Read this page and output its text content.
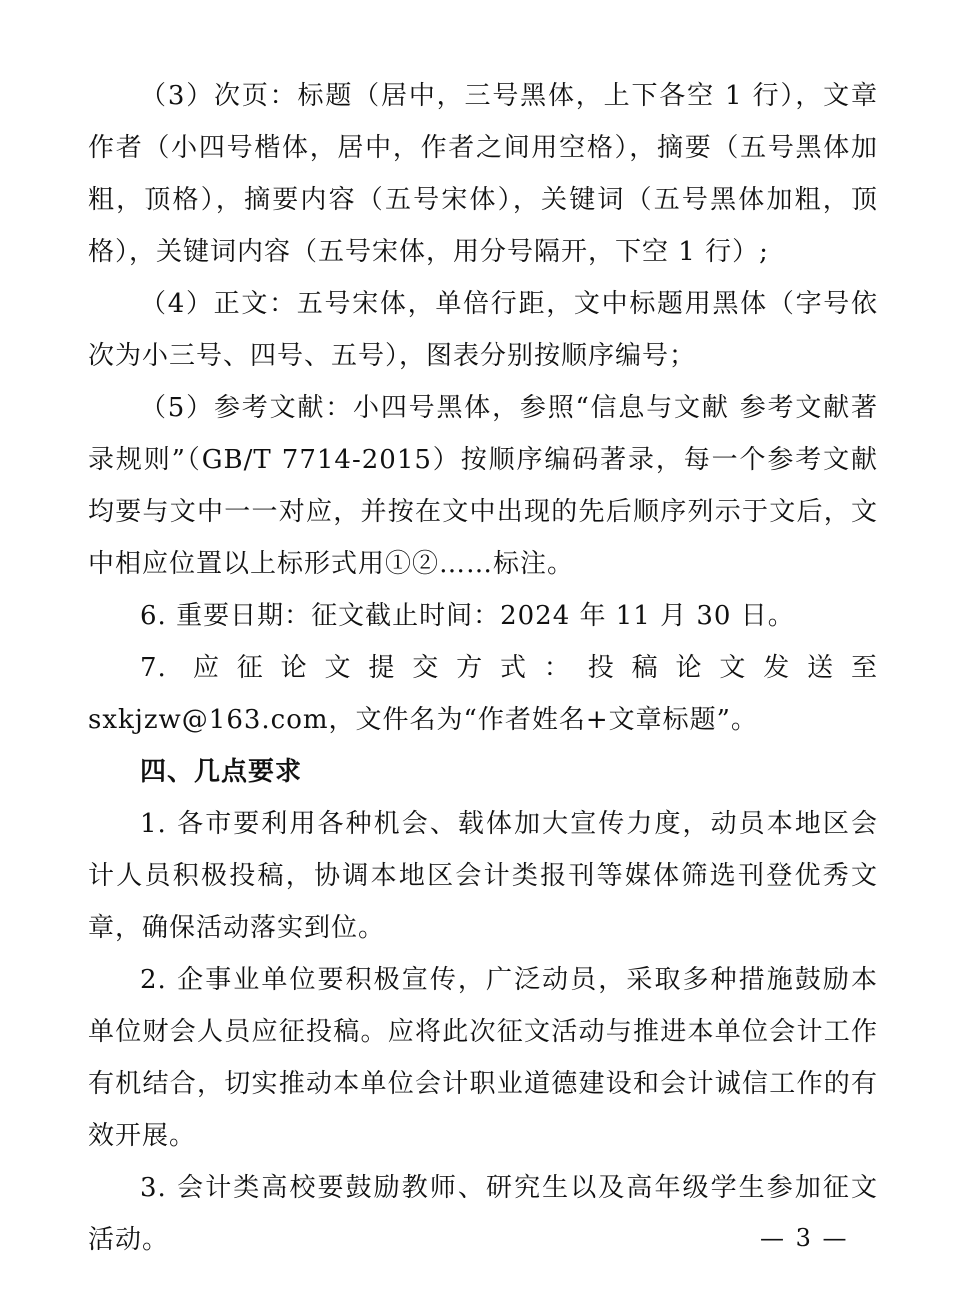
（3）次页：标题（居中，三号黑体，上下各空 1 行），文章作者（小四号楷体，居中，作者之间用空格），摘要（五号黑体加粗，顶格），摘要内容（五号宋体），关键词（五号黑体加粗，顶格），关键词内容（五号宋体，用分号隔开，下空 1 行）;

（4）正文：五号宋体，单倍行距，文中标题用黑体（字号依次为小三号、四号、五号），图表分别按顺序编号；

（5）参考文献：小四号黑体，参照“信息与文献 参考文献著录规则”（GB/T 7714-2015）按顺序编码著录，每一个参考文献均要与文中一一对应，并按在文中出现的先后顺序列示于文后，文中相应位置以上标形式用①②……标注。

6. 重要日期：征文截止时间：2024 年 11 月 30 日。

7. 应征论文提交方式：投稿论文发送至 sxkjzw@163.com，文件名为“作者姓名+文章标题”。

四、几点要求

1. 各市要利用各种机会、载体加大宣传力度，动员本地区会计人员积极投稿，协调本地区会计类报刊等媒体筛选刊登优秀文章，确保活动落实到位。

2. 企事业单位要积极宣传，广泛动员，采取多种措施鼓励本单位财会人员应征投稿。应将此次征文活动与推进本单位会计工作有机结合，切实推动本单位会计职业道德建设和会计诚信工作的有效开展。

3. 会计类高校要鼓励教师、研究生以及高年级学生参加征文活动。	— 3 —
